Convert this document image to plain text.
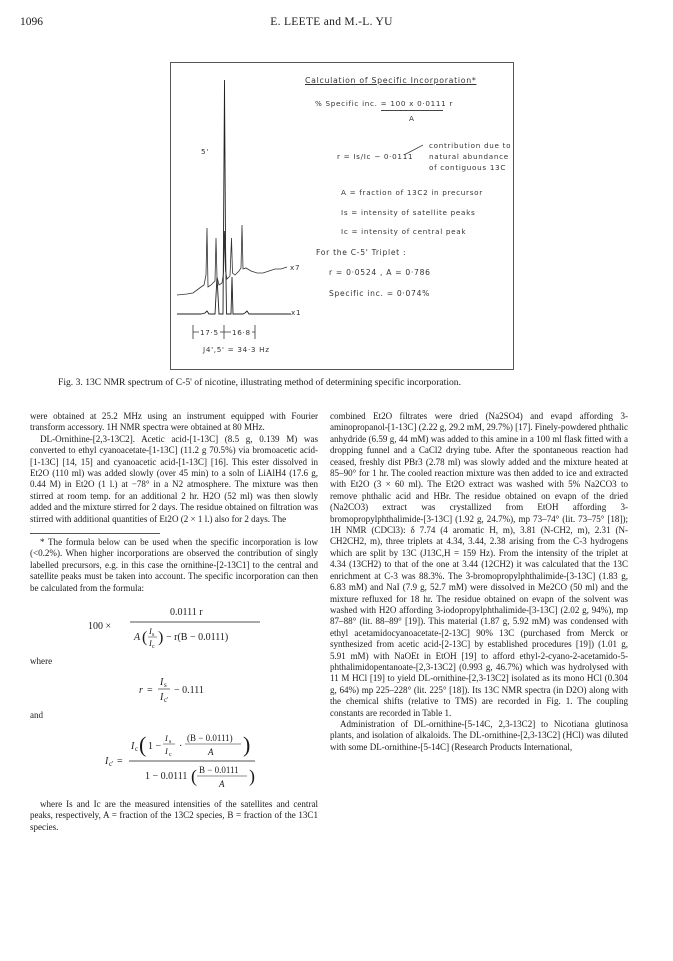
1096	E. LEETE and M.-L. YU
5'
x7
x1
17·5 16·8
J4',5' = 34·3 Hz
Calculation of Specific Incorporation*
% Specific inc. = 100 x 0·0111 r
A
r = Is/Ic − 0·0111
contribution due to
natural abundance
of contiguous 13C
A = fraction of 13C2 in precursor
Is = intensity of satellite peaks
Ic = intensity of central peak
For the C-5' Triplet :
r = 0·0524 , A = 0·786
Specific inc. = 0·074%
Fig. 3. 13C NMR spectrum of C-5' of nicotine, illustrating method of determining specific incorporation.

were obtained at 25.2 MHz using an instrument equipped with Fourier transform accessory. 1H NMR spectra were obtained at 80 MHz.

DL-Ornithine-[2,3-13C2]. Acetic acid-[1-13C] (8.5 g, 0.139 M) was converted to ethyl cyanoacetate-[1-13C] (11.2 g 70.5%) via bromoacetic acid-[1-13C] [14, 15] and cyanoacetic acid-[1-13C] [16]. This ester dissolved in Et2O (110 ml) was added slowly (over 45 min) to a soln of LiAlH4 (17.6 g, 0.44 M) in Et2O (1 l.) at −78° in a N2 atmosphere. The mixture was then stirred at room temp. for an additional 2 hr. H2O (52 ml) was then slowly added and the mixture stirred for 2 days. The residue obtained on filtration was stirred with additional quantities of Et2O (2 × 1 l.) also for 2 days. The

* The formula below can be used when the specific incorporation is low (<0.2%). When higher incorporations are observed the contribution of singly labelled precursors, e.g. in this case the ornithine-[2-13C1] to the central and satellite peaks must be taken into account. The specific incorporation can then be calculated from the formula:

100 ×
0.0111 r
A ( I s
I c
) − r(B − 0.0111)

where

r =
I s
I c'
− 0.111

and

I c' =
I c ( 1 −
I s
I c
·
(B − 0.0111)
A )
1 − 0.0111 ( B − 0.0111
A )

where Is and Ic are the measured intensities of the satellites and central peaks, respectively, A = fraction of the 13C2 species, B = fraction of the 13C1 species.

combined Et2O filtrates were dried (Na2SO4) and evapd affording 3-aminopropanol-[1-13C] (2.22 g, 29.2 mM, 29.7%) [17]. Finely-powdered phthalic anhydride (6.59 g, 44 mM) was added to this amine in a 100 ml flask fitted with a dropping funnel and a CaCl2 drying tube. After the spontaneous reaction had ceased, freshly dist PBr3 (2.78 ml) was slowly added and the mixture heated at 85–90° for 1 hr. The cooled reaction mixture was then added to ice and extracted with Et2O (3 × 60 ml). The Et2O extract was washed with 5% Na2CO3 to remove phthalic acid and HBr. The residue obtained on evapn of the dried (Na2CO3) extract was crystallized from EtOH affording 3-bromopropylphthalimide-[3-13C] (1.92 g, 24.7%), mp 73–74° (lit. 73–75° [18]); 1H NMR (CDCl3): δ 7.74 (4 aromatic H, m), 3.81 (N-CH2, m), 2.31 (N-CH2CH2, m), three triplets at 4.34, 3.44, 2.38 arising from the C-3 hydrogens which are split by 13C (J13C,H = 159 Hz). From the intensity of the triplet at 4.34 (13CH2) to that of the one at 3.44 (12CH2) it was calculated that the 13C enrichment at C-3 was 88.3%. The 3-bromopropylphthalimide-[3-13C] (1.83 g, 6.83 mM) and NaI (7.9 g, 52.7 mM) were dissolved in Me2CO (50 ml) and the mixture refluxed for 18 hr. The residue obtained on evapn of the solvent was washed with H2O affording 3-iodopropylphthalimide-[3-13C] (2.02 g, 94%), mp 87–88° (lit. 88–89° [19]). This material (1.87 g, 5.92 mM) was condensed with ethyl acetamidocyanoacetate-[2-13C] 90% 13C (purchased from Merck or synthesized from acetic acid-[2-13C] by established procedures [19]) (1.01 g, 5.91 mM) with NaOEt in EtOH [19] to afford ethyl-2-cyano-2-acetamido-5-phthalimidopentanoate-[2,3-13C2] (0.993 g, 46.7%) which was hydrolysed with 11 M HCl [19] to yield DL-ornithine-[2,3-13C2] isolated as its mono HCl (0.304 g, 64%) mp 225–228° (lit. 225° [18]). Its 13C NMR spectra (in D2O) along with the chemical shifts (relative to TMS) are recorded in Fig. 1. The coupling constants are recorded in Table 1.

Administration of DL-ornithine-[5-14C, 2,3-13C2] to Nicotiana glutinosa plants, and isolation of alkaloids. The DL-ornithine-[2,3-13C2] (HCl) was diluted with some DL-ornithine-[5-14C] (Research Products International,
